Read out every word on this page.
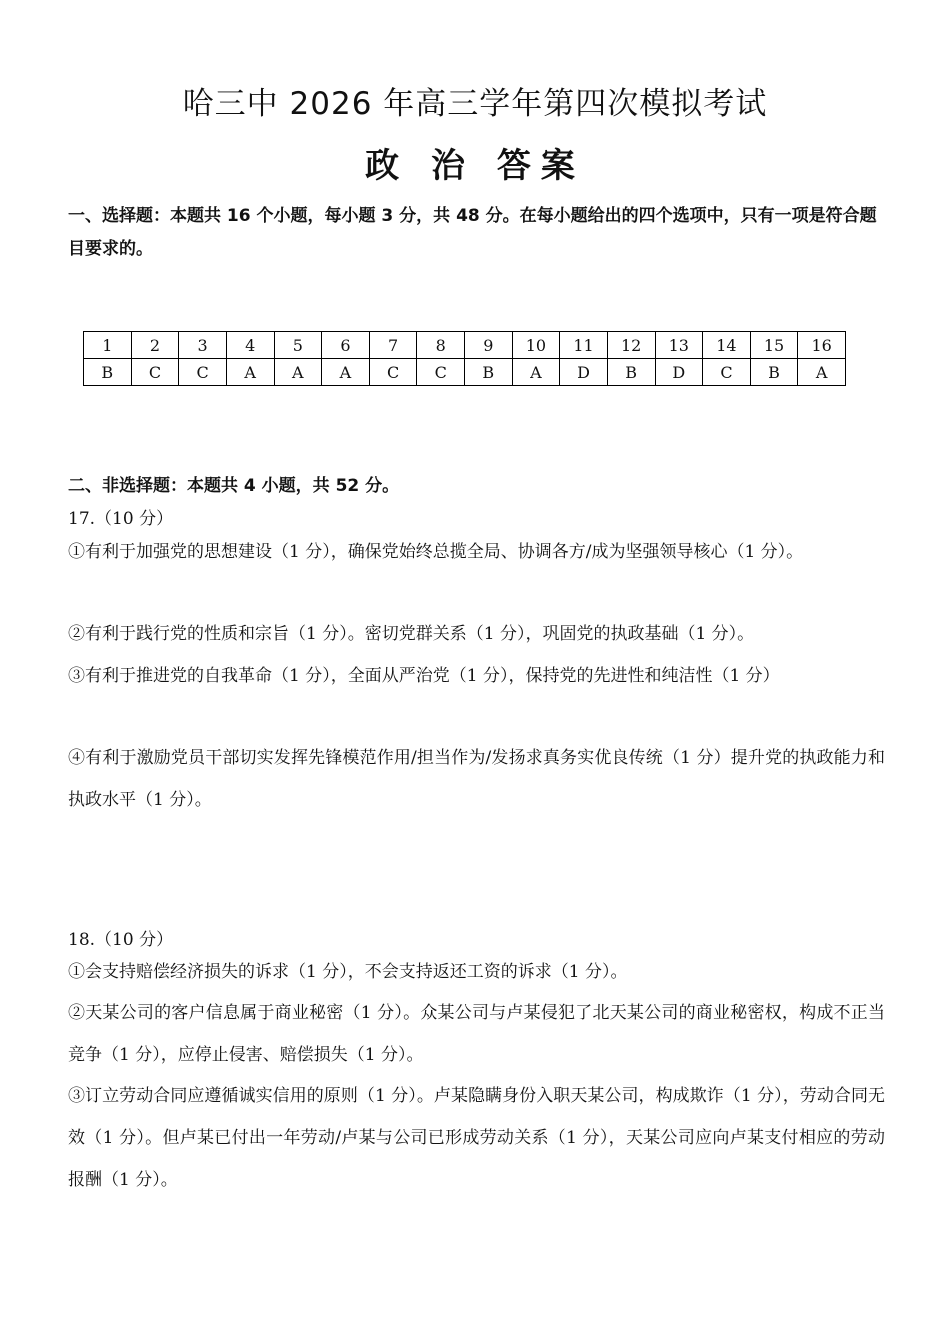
哈三中 2026 年高三学年第四次模拟考试
政 治 答案
一、选择题：本题共 16 个小题，每小题 3 分，共 48 分。在每小题给出的四个选项中，只有一项是符合题目要求的。
1	2	3	4	5	6	7	8	9	10	11	12	13	14	15	16
B	C	C	A	A	A	C	C	B	A	D	B	D	C	B	A
二、非选择题：本题共 4 小题，共 52 分。
17.（10 分）
①有利于加强党的思想建设（1 分），确保党始终总揽全局、协调各方/成为坚强领导核心（1 分）。
②有利于践行党的性质和宗旨（1 分）。密切党群关系（1 分），巩固党的执政基础（1 分）。
③有利于推进党的自我革命（1 分），全面从严治党（1 分），保持党的先进性和纯洁性（1 分）
④有利于激励党员干部切实发挥先锋模范作用/担当作为/发扬求真务实优良传统（1 分）提升党的执政能力和执政水平（1 分）。
18.（10 分）
①会支持赔偿经济损失的诉求（1 分），不会支持返还工资的诉求（1 分）。
②天某公司的客户信息属于商业秘密（1 分）。众某公司与卢某侵犯了北天某公司的商业秘密权，构成不正当竞争（1 分），应停止侵害、赔偿损失（1 分）。
③订立劳动合同应遵循诚实信用的原则（1 分）。卢某隐瞒身份入职天某公司，构成欺诈（1 分），劳动合同无效（1 分）。但卢某已付出一年劳动/卢某与公司已形成劳动关系（1 分），天某公司应向卢某支付相应的劳动报酬（1 分）。
